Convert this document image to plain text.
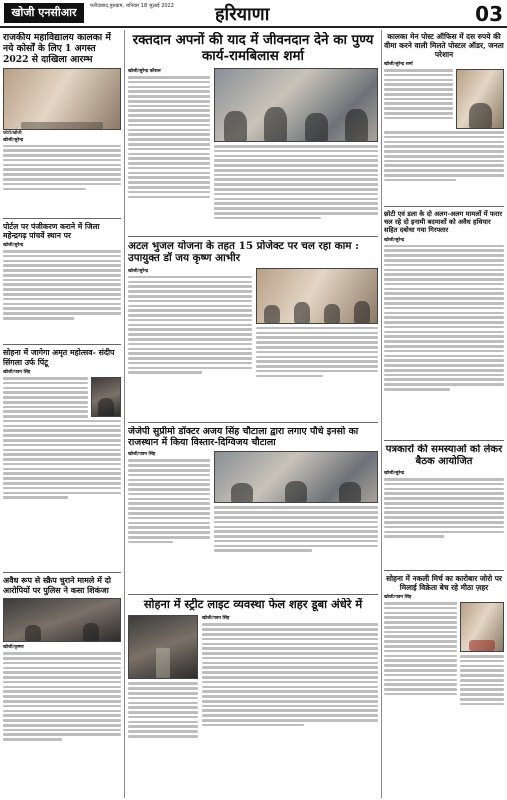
खोजी एनसीआर	फरीदाबाद,गुरुग्राम, शनिवार 18 जुलाई 2022 हरियाणा	03
राजकीय महाविद्यालय कालका में नये कोर्सों के लिए 1 अगस्त 2022 से दाखिला आरम्भ
फोटो/खोजी
खोजी/सुरेन्द्र
पोर्टल पर पंजीकरण कराने में जिला महेन्द्रगढ़ पांचवें स्थान पर
खोजी/सुरेन्द्र
सोहना में जागेगा अमृत महोत्सव- संदीप सिंगला उर्फ पिंटू
खोजी/पवन सिंह
अवैध रूप से स्क्रैप चुराने मामले में दो आरोपियों पर पुलिस ने कसा शिकंजा
खोजी/कृष्णा
रक्तदान अपनों की याद में जीवनदान देने का पुण्य कार्य-रामबिलास शर्मा
खोजी/सुरेन्द्र कौशल
अटल भुजल योजना के तहत 15 प्रोजेक्ट पर चल रहा काम : उपायुक्त डॉ जय कृष्ण आभीर
खोजी/सुरेन्द्र
जेजेपी सुप्रीमो डॉक्टर अजय सिंह चौटाला द्वारा लगाए पौधे इनसो का राजस्थान में किया विस्तार-दिग्विजय चौटाला
खोजी/पवन सिंह
सोहना में स्ट्रीट लाइट व्यवस्था फेल शहर डूबा अंधेरे में
खोजी/पवन सिंह
कालका मेन पोस्ट ऑफिस में दस रुपये की वीमा करने वाली मिलते पोस्टल ऑडर, जनता परेशान
खोजी/सुरेन्द्र शर्मा
छोटी एवं डला के दो अलग-अलग मामलों में फरार चल रहे दो इनामी बदमाशों को अवैध हथियार सहित दबोचा गया गिरफ्तार
खोजी/सुरेन्द्र
पत्रकारों की समस्याओं को लेकर बैठक आयोजित
खोजी/सुरेन्द्र
सोहना में नकली मिर्च का कारोबार जोरो पर मिलाई विक्रेता बेच रहे मीठा ज़हर
खोजी/पवन सिंह
